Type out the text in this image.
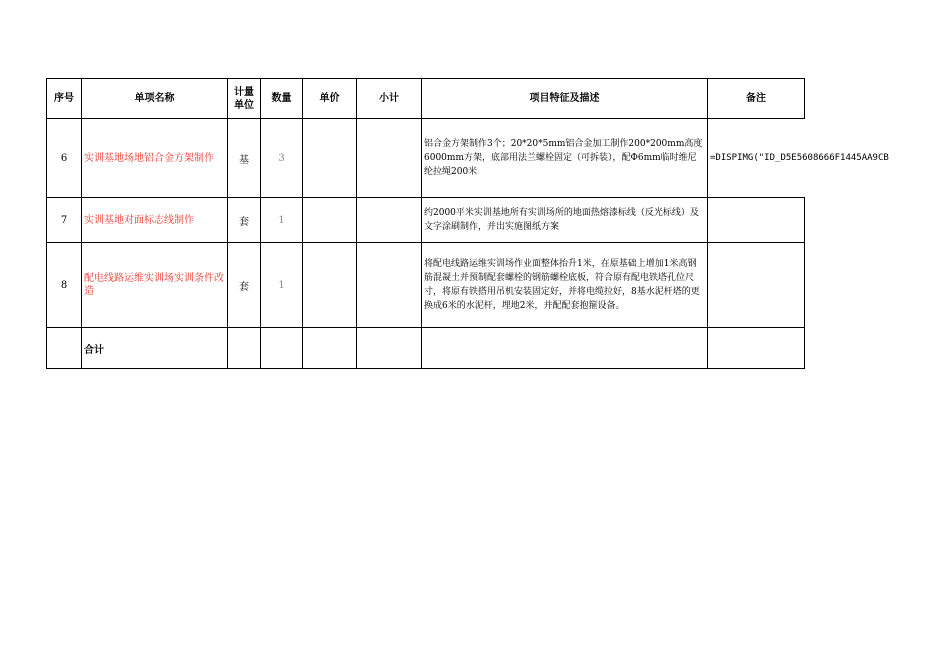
序号	单项名称	计量单位	数量	单价	小计	项目特征及描述	备注
6	实训基地场地铝合金方架制作	基	3			铝合金方架制作3个；20*20*5mm铝合金加工制作200*200mm高度6000mm方架，底部用法兰螺栓固定（可拆装），配Φ6mm临时维尼纶拉绳200米	=DISPIMG("ID_D5E5608666F1445AA9CB

7	实训基地对面标志线制作	套	1			约2000平米实训基地所有实训场所的地面热熔漆标线（反光标线）及文字涂刷制作，并出实施图纸方案	
8	配电线路运维实训场实训条件改造	套	1			将配电线路运维实训场作业面整体抬升1米，在原基础上增加1米高钢筋混凝土并预制配套螺栓的钢筋螺栓底板，符合原有配电铁塔孔位尺寸，将原有铁搭用吊机安装固定好，并将电缆拉好，8基水泥杆塔的更换成6米的水泥杆，埋地2米，并配配套抱箍设备。	
	合计						
